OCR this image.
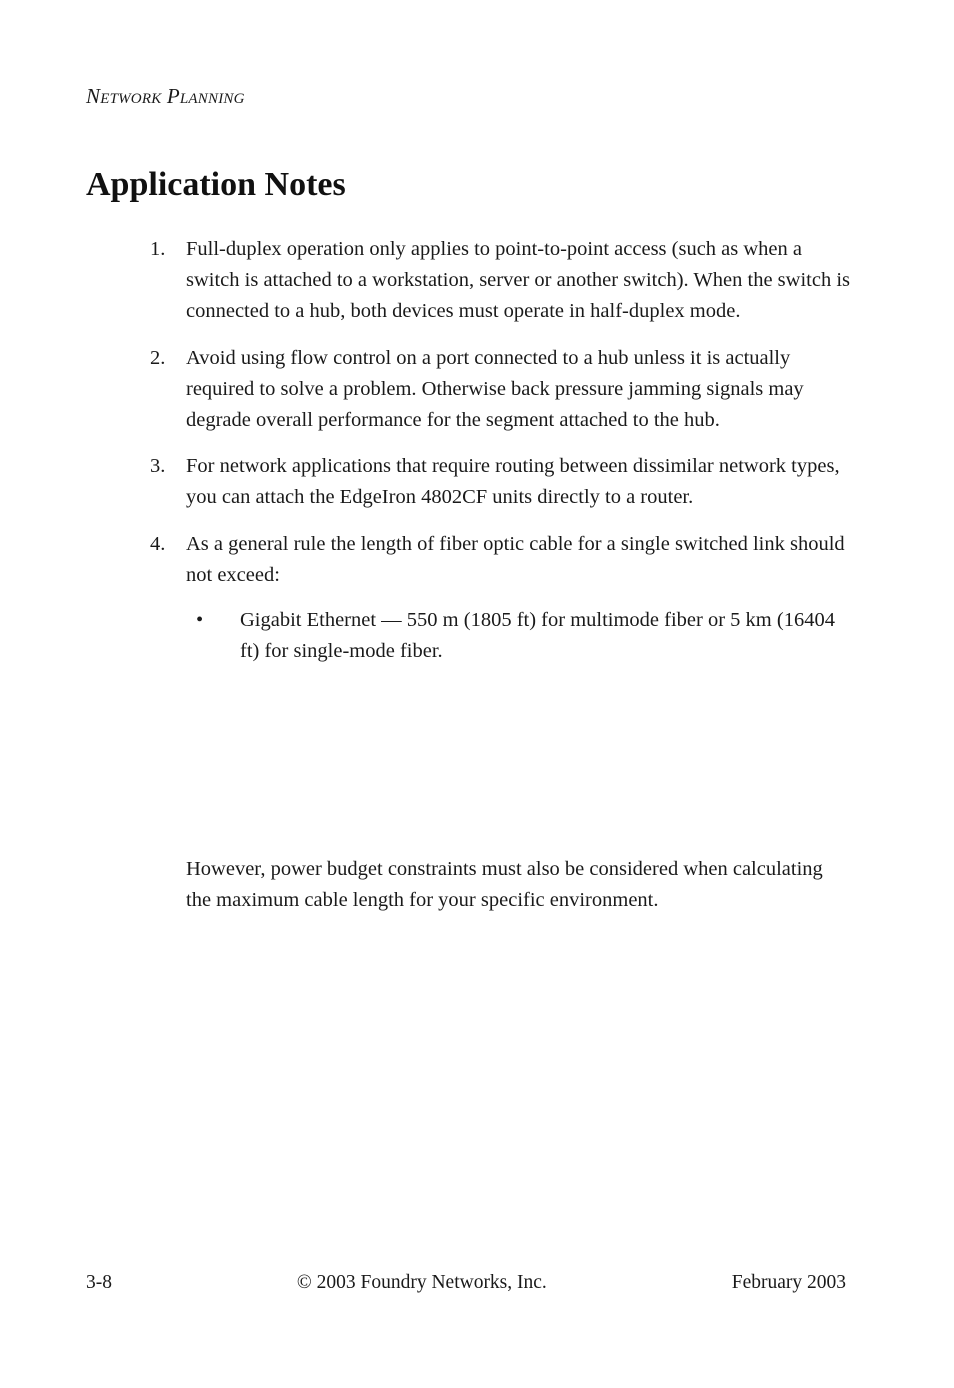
Network Planning
Application Notes
1.	Full-duplex operation only applies to point-to-point access (such as when a switch is attached to a workstation, server or another switch). When the switch is connected to a hub, both devices must operate in half-duplex mode.
2.	Avoid using flow control on a port connected to a hub unless it is actually required to solve a problem. Otherwise back pressure jamming signals may degrade overall performance for the segment attached to the hub.
3.	For network applications that require routing between dissimilar network types, you can attach the EdgeIron 4802CF units directly to a router.
4.	As a general rule the length of fiber optic cable for a single switched link should not exceed:
•	Gigabit Ethernet — 550 m (1805 ft) for multimode fiber or 5 km (16404 ft) for single-mode fiber.

However, power budget constraints must also be considered when calculating the maximum cable length for your specific environment.

3-8	© 2003 Foundry Networks, Inc.	February 2003
